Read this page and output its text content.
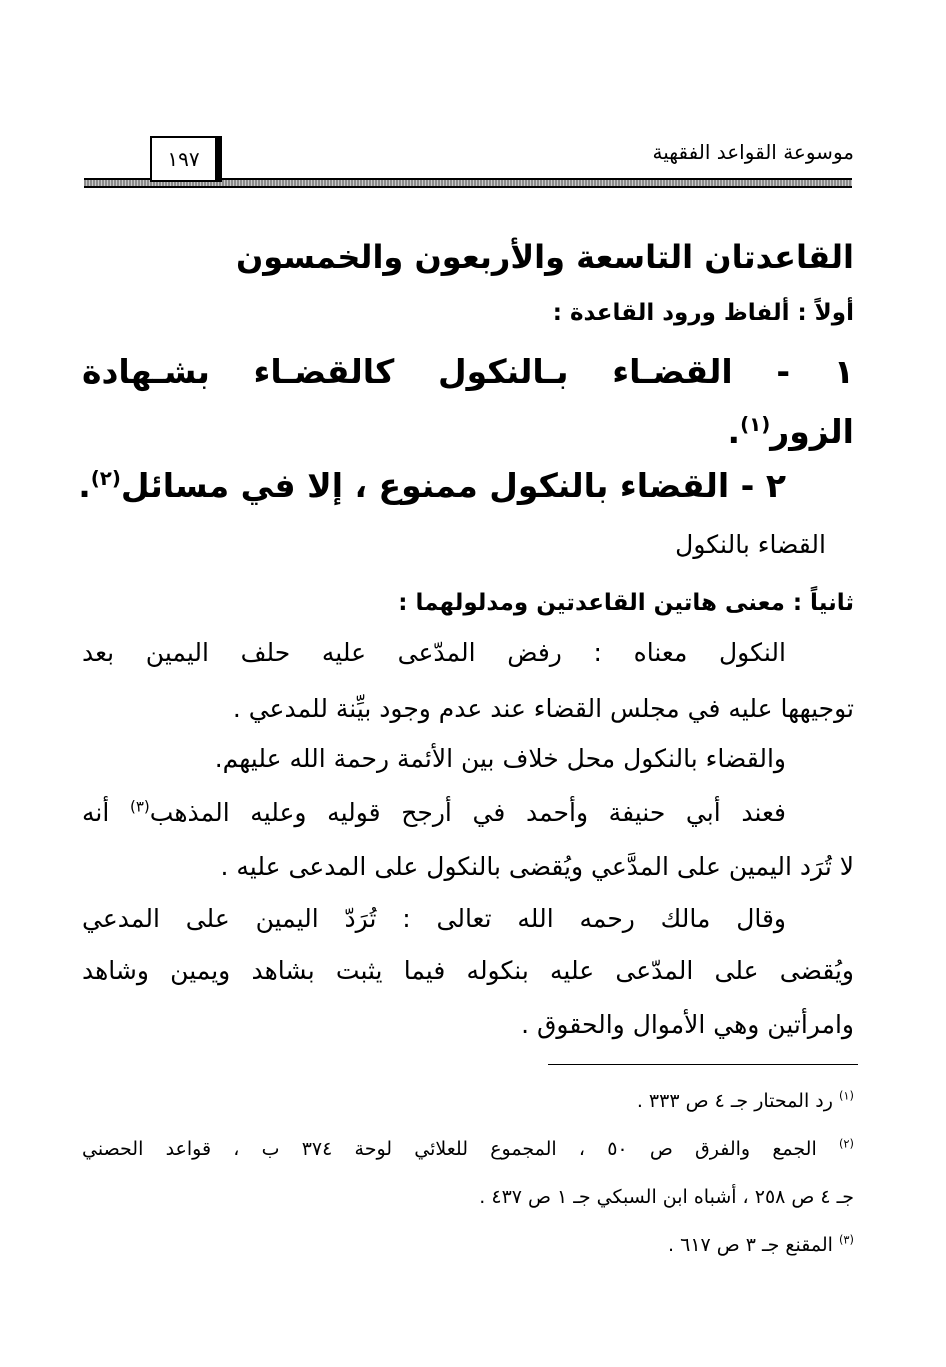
موسوعة القواعد الفقهية
١٩٧
القاعدتان التاسعة والأربعون والخمسون
أولاً : ألفاظ ورود القاعدة :
١ - القضـاء بـالنكول كالقضـاء بشـهادة
الزور$^{(١)}$.
٢ - القضاء بالنكول ممنوع ، إلا في مسائل$^{(٢)}$.
القضاء بالنكول
ثانياً : معنى هاتين القاعدتين ومدلولهما :
النكول معناه : رفض المدّعى عليه حلف اليمين بعد
توجيهها عليه في مجلس القضاء عند عدم وجود بيِّنة للمدعي .
والقضاء بالنكول محل خلاف بين الأئمة رحمة الله عليهم.
فعند أبي حنيفة وأحمد في أرجح قوليه وعليه المذهب$^{(٣)}$ أنه
لا تُرَد اليمين على المدَّعي ويُقضى بالنكول على المدعى عليه .
وقال مالك رحمه الله تعالى : تُرَدّ اليمين على المدعي
ويُقضى على المدّعى عليه بنكوله فيما يثبت بشاهد ويمين وشاهد
وامرأتين وهي الأموال والحقوق .
$^{(١)}$ رد المحتار جـ ٤ ص ٣٣٣ .
$^{(٢)}$ الجمع والفرق ص ٥٠ ، المجموع للعلائي لوحة ٣٧٤ ب ، قواعد الحصني
جـ ٤ ص ٢٥٨ ، أشباه ابن السبكي جـ ١ ص ٤٣٧ .
$^{(٣)}$ المقنع جـ ٣ ص ٦١٧ .
